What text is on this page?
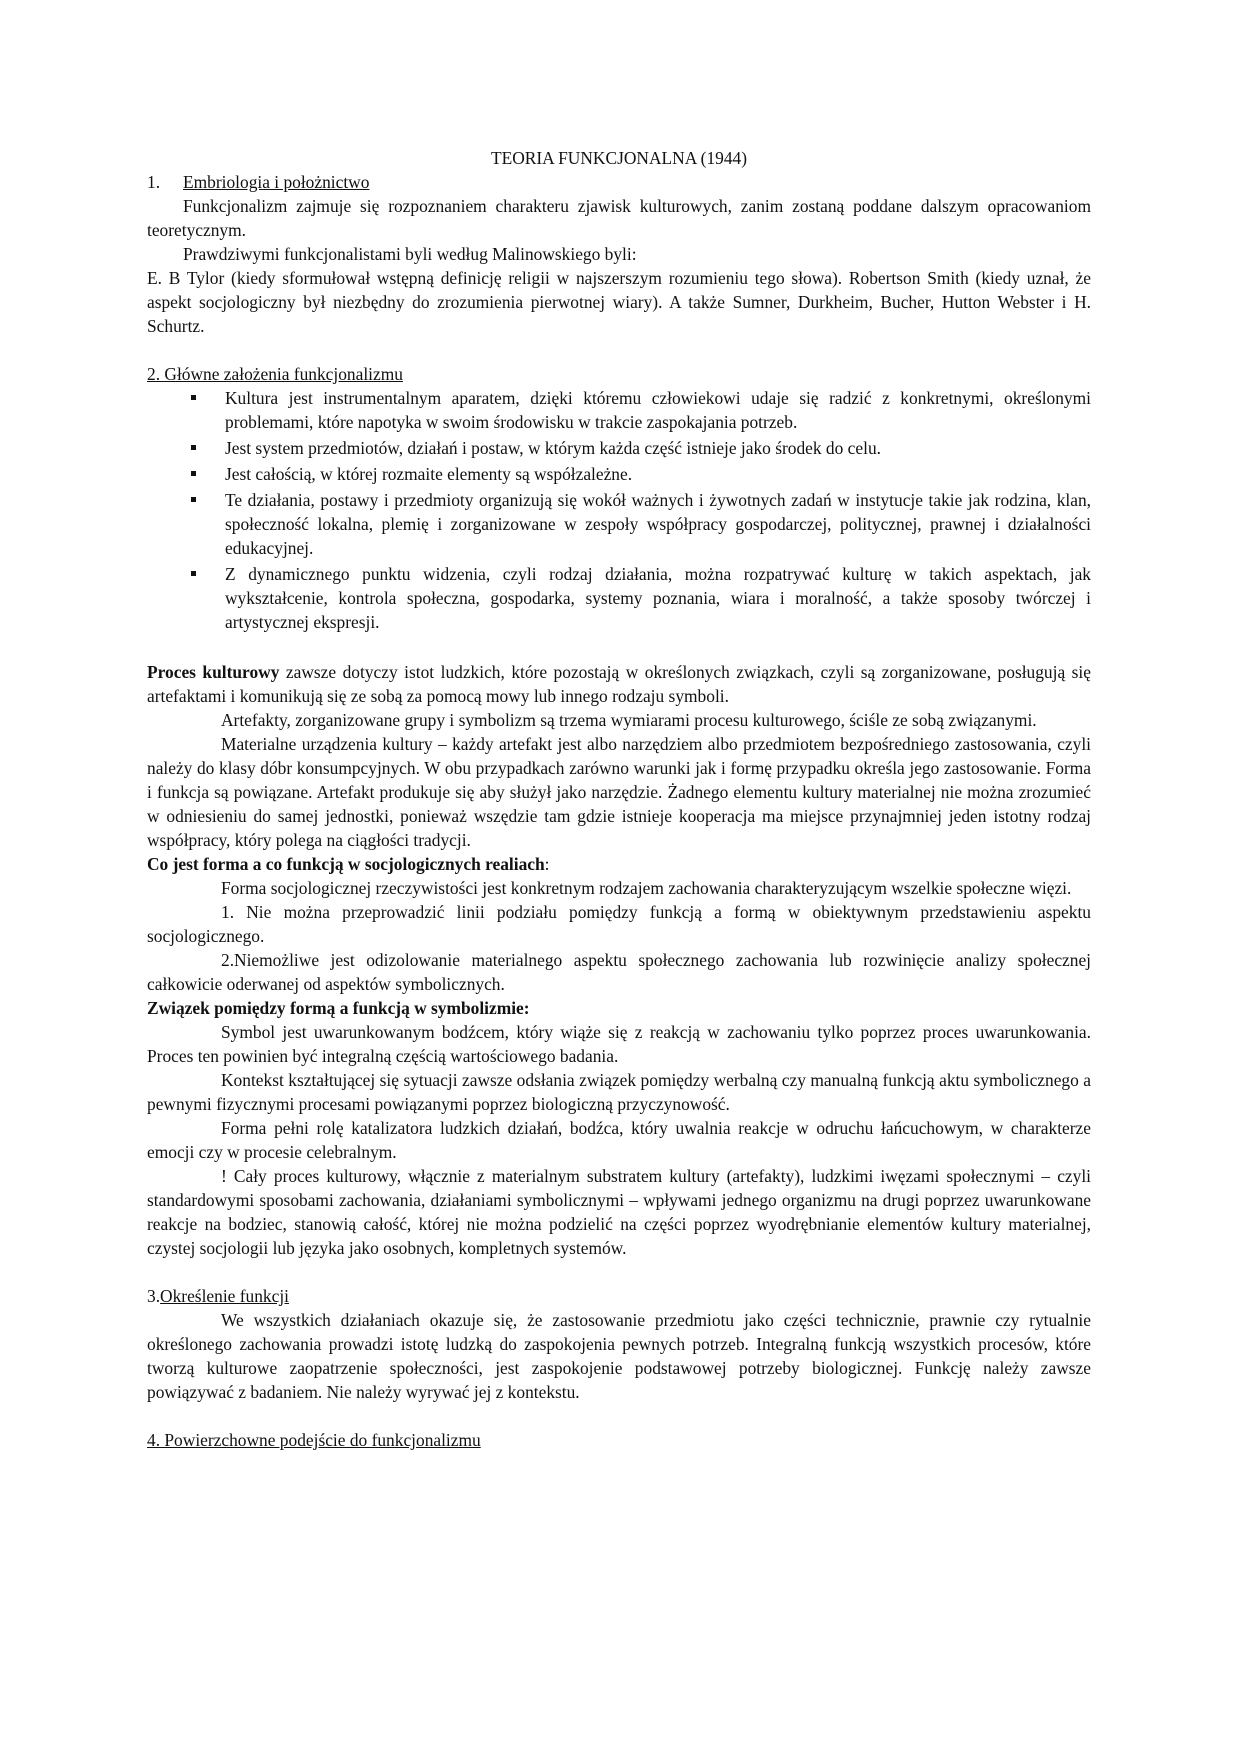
TEORIA FUNKCJONALNA (1944)

1. Embriologia i położnictwo

Funkcjonalizm zajmuje się rozpoznaniem charakteru zjawisk kulturowych, zanim zostaną poddane dalszym opracowaniom teoretycznym.

Prawdziwymi funkcjonalistami byli według Malinowskiego byli:

E. B Tylor (kiedy sformułował wstępną definicję religii w najszerszym rozumieniu tego słowa). Robertson Smith (kiedy uznał, że aspekt socjologiczny był niezbędny do zrozumienia pierwotnej wiary). A także Sumner, Durkheim, Bucher, Hutton Webster i H. Schurtz.

2. Główne założenia funkcjonalizmu

Kultura jest instrumentalnym aparatem, dzięki któremu człowiekowi udaje się radzić z konkretnymi, określonymi problemami, które napotyka w swoim środowisku w trakcie zaspokajania potrzeb.
Jest system przedmiotów, działań i postaw, w którym każda część istnieje jako środek do celu.
Jest całością, w której rozmaite elementy są współzależne.
Te działania, postawy i przedmioty organizują się wokół ważnych i żywotnych zadań w instytucje takie jak rodzina, klan, społeczność lokalna, plemię i zorganizowane w zespoły współpracy gospodarczej, politycznej, prawnej i działalności edukacyjnej.
Z dynamicznego punktu widzenia, czyli rodzaj działania, można rozpatrywać kulturę w takich aspektach, jak wykształcenie, kontrola społeczna, gospodarka, systemy poznania, wiara i moralność, a także sposoby twórczej i artystycznej ekspresji.

Proces kulturowy zawsze dotyczy istot ludzkich, które pozostają w określonych związkach, czyli są zorganizowane, posługują się artefaktami i komunikują się ze sobą za pomocą mowy lub innego rodzaju symboli.

Artefakty, zorganizowane grupy i symbolizm są trzema wymiarami procesu kulturowego, ściśle ze sobą związanymi.

Materialne urządzenia kultury – każdy artefakt jest albo narzędziem albo przedmiotem bezpośredniego zastosowania, czyli należy do klasy dóbr konsumpcyjnych. W obu przypadkach zarówno warunki jak i formę przypadku określa jego zastosowanie. Forma i funkcja są powiązane. Artefakt produkuje się aby służył jako narzędzie. Żadnego elementu kultury materialnej nie można zrozumieć w odniesieniu do samej jednostki, ponieważ wszędzie tam gdzie istnieje kooperacja ma miejsce przynajmniej jeden istotny rodzaj współpracy, który polega na ciągłości tradycji.

Co jest forma a co funkcją w socjologicznych realiach:

Forma socjologicznej rzeczywistości jest konkretnym rodzajem zachowania charakteryzującym wszelkie społeczne więzi.

1. Nie można przeprowadzić linii podziału pomiędzy funkcją a formą w obiektywnym przedstawieniu aspektu socjologicznego.

2.Niemożliwe jest odizolowanie materialnego aspektu społecznego zachowania lub rozwinięcie analizy społecznej całkowicie oderwanej od aspektów symbolicznych.

Związek pomiędzy formą a funkcją w symbolizmie:

Symbol jest uwarunkowanym bodźcem, który wiąże się z reakcją w zachowaniu tylko poprzez proces uwarunkowania. Proces ten powinien być integralną częścią wartościowego badania.

Kontekst kształtującej się sytuacji zawsze odsłania związek pomiędzy werbalną czy manualną funkcją aktu symbolicznego a pewnymi fizycznymi procesami powiązanymi poprzez biologiczną przyczynowość.

Forma pełni rolę katalizatora ludzkich działań, bodźca, który uwalnia reakcje w odruchu łańcuchowym, w charakterze emocji czy w procesie celebralnym.

! Cały proces kulturowy, włącznie z materialnym substratem kultury (artefakty), ludzkimi iwęzami społecznymi – czyli standardowymi sposobami zachowania, działaniami symbolicznymi – wpływami jednego organizmu na drugi poprzez uwarunkowane reakcje na bodziec, stanowią całość, której nie można podzielić na części poprzez wyodrębnianie elementów kultury materialnej, czystej socjologii lub języka jako osobnych, kompletnych systemów.

3.Określenie funkcji

We wszystkich działaniach okazuje się, że zastosowanie przedmiotu jako części technicznie, prawnie czy rytualnie określonego zachowania prowadzi istotę ludzką do zaspokojenia pewnych potrzeb. Integralną funkcją wszystkich procesów, które tworzą kulturowe zaopatrzenie społeczności, jest zaspokojenie podstawowej potrzeby biologicznej. Funkcję należy zawsze powiązywać z badaniem. Nie należy wyrywać jej z kontekstu.

4. Powierzchowne podejście do funkcjonalizmu
